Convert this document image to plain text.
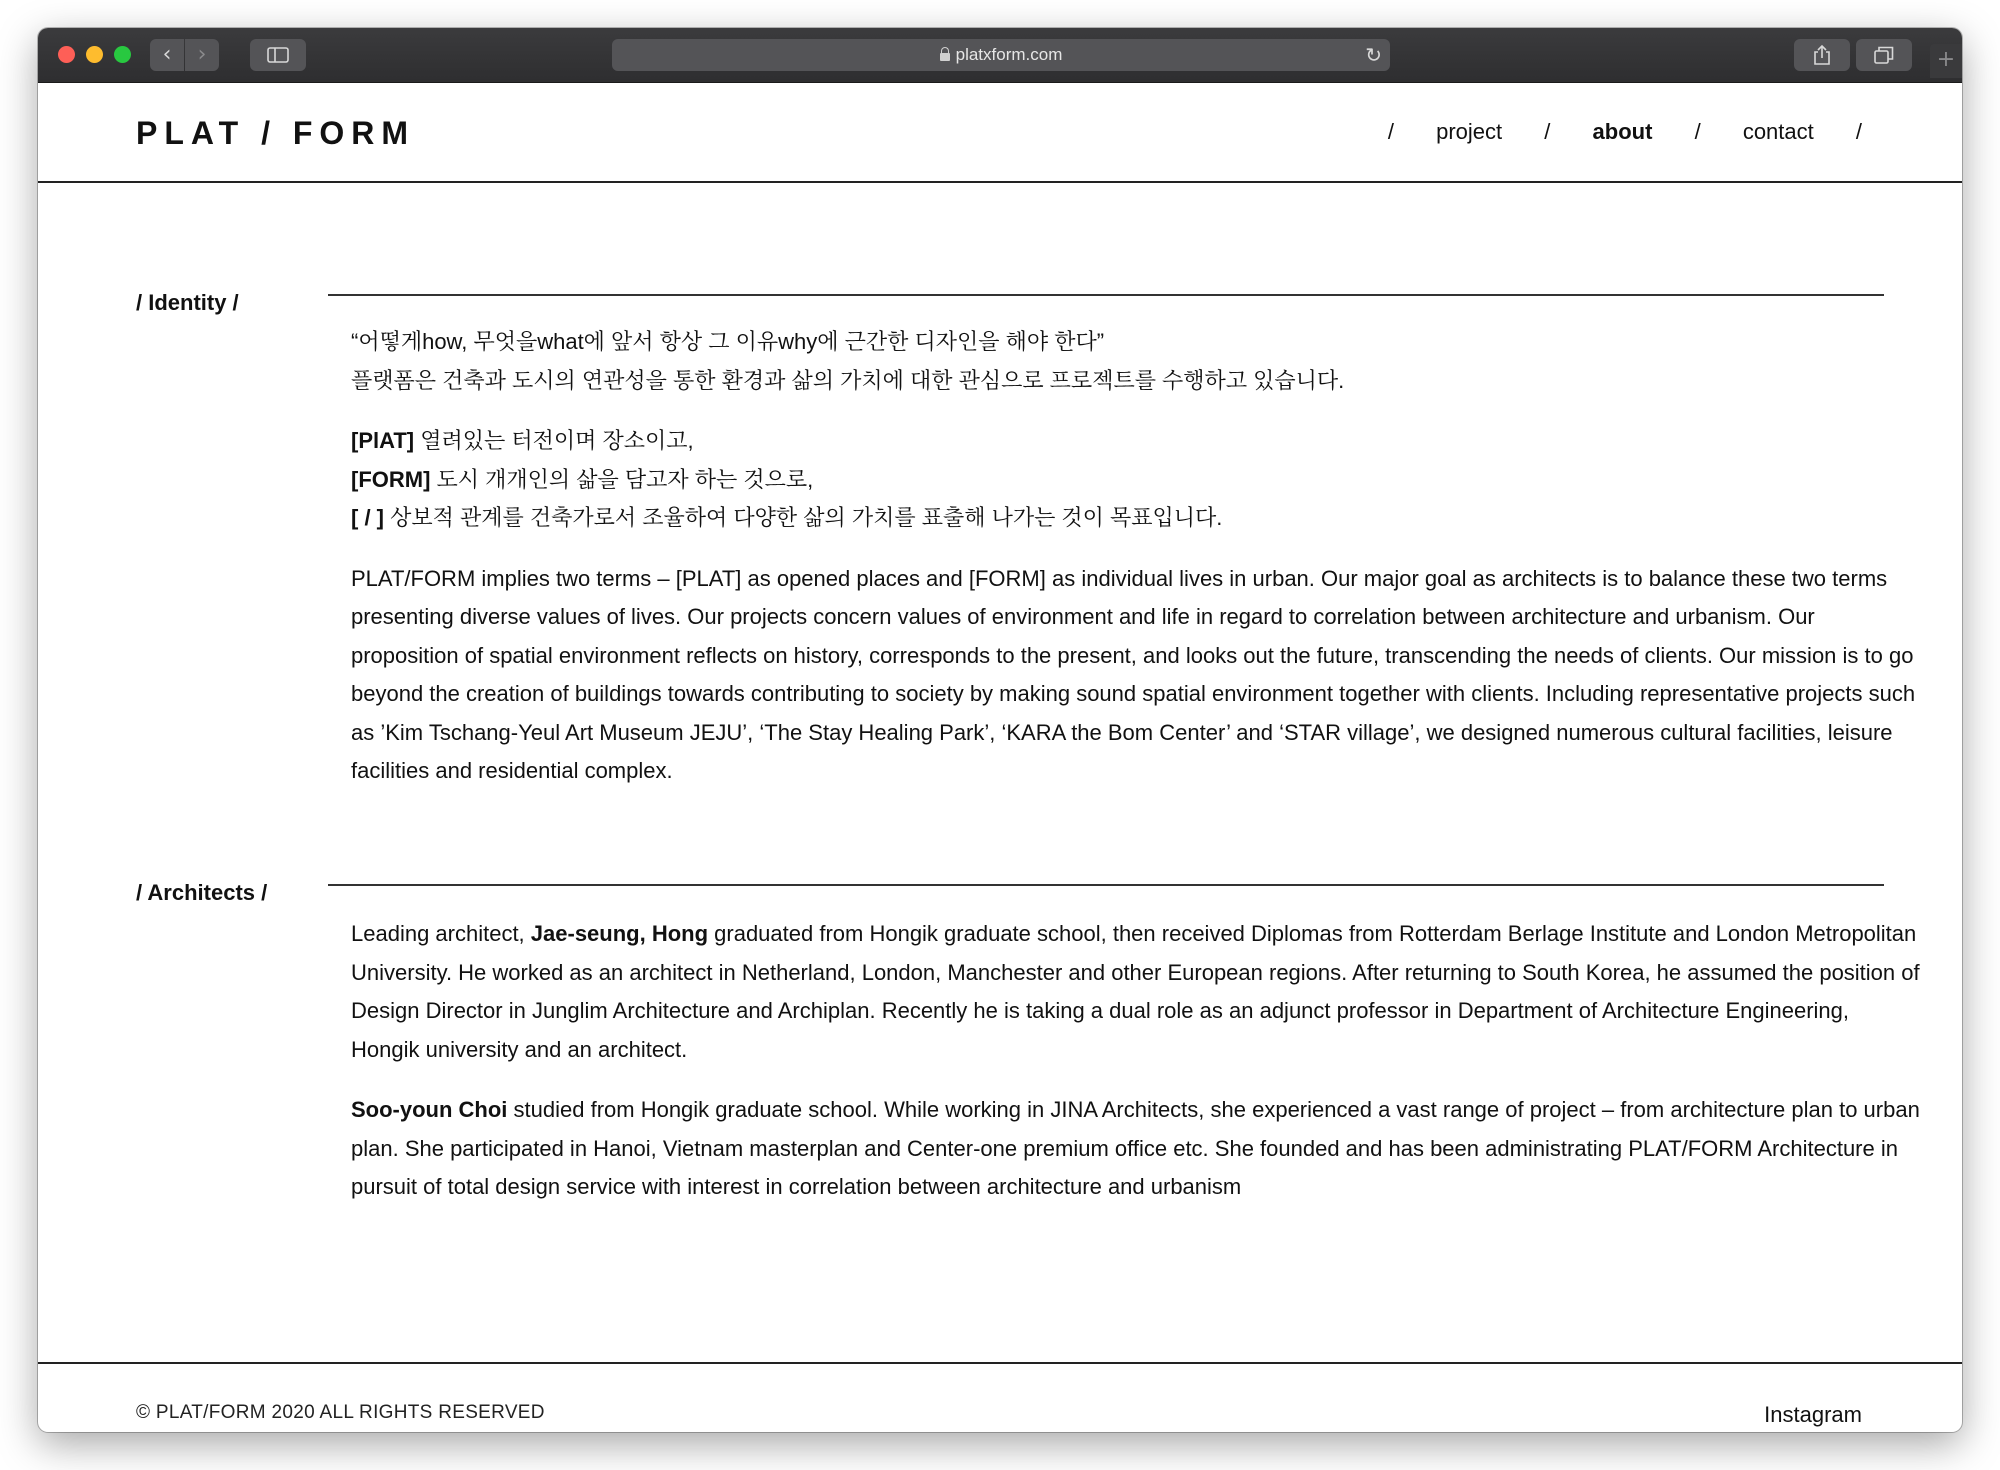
‹	›	platxform.com	↻	+
PLAT / FORM	/ project / about / contact /
/ Identity /

“어떻게how, 무엇을what에 앞서 항상 그 이유why에 근간한 디자인을 해야 한다”
플랫폼은 건축과 도시의 연관성을 통한 환경과 삶의 가치에 대한 관심으로 프로젝트를 수행하고 있습니다.

[PlAT] 열려있는 터전이며 장소이고,
[FORM] 도시 개개인의 삶을 담고자 하는 것으로,
[ / ] 상보적 관계를 건축가로서 조율하여 다양한 삶의 가치를 표출해 나가는 것이 목표입니다.

PLAT/FORM implies two terms – [PLAT] as opened places and [FORM] as individual lives in urban. Our major goal as architects is to balance these two terms presenting diverse values of lives. Our projects concern values of environment and life in regard to correlation between architecture and urbanism. Our proposition of spatial environment reflects on history, corresponds to the present, and looks out the future, transcending the needs of clients. Our mission is to go beyond the creation of buildings towards contributing to society by making sound spatial environment together with clients. Including representative projects such as ’Kim Tschang-Yeul Art Museum JEJU’, ‘The Stay Healing Park’, ‘KARA the Bom Center’ and ‘STAR village’, we designed numerous cultural facilities, leisure facilities and residential complex.

/ Architects /

Leading architect, Jae-seung, Hong graduated from Hongik graduate school, then received Diplomas from Rotterdam Berlage Institute and London Metropolitan University. He worked as an architect in Netherland, London, Manchester and other European regions. After returning to South Korea, he assumed the position of Design Director in Junglim Architecture and Archiplan. Recently he is taking a dual role as an adjunct professor in Department of Architecture Engineering, Hongik university and an architect.

Soo-youn Choi studied from Hongik graduate school. While working in JINA Architects, she experienced a vast range of project – from architecture plan to urban plan. She participated in Hanoi, Vietnam masterplan and Center-one premium office etc. She founded and has been administrating PLAT/FORM Architecture in pursuit of total design service with interest in correlation between architecture and urbanism

© PLAT/FORM 2020 ALL RIGHTS RESERVED	Instagram
